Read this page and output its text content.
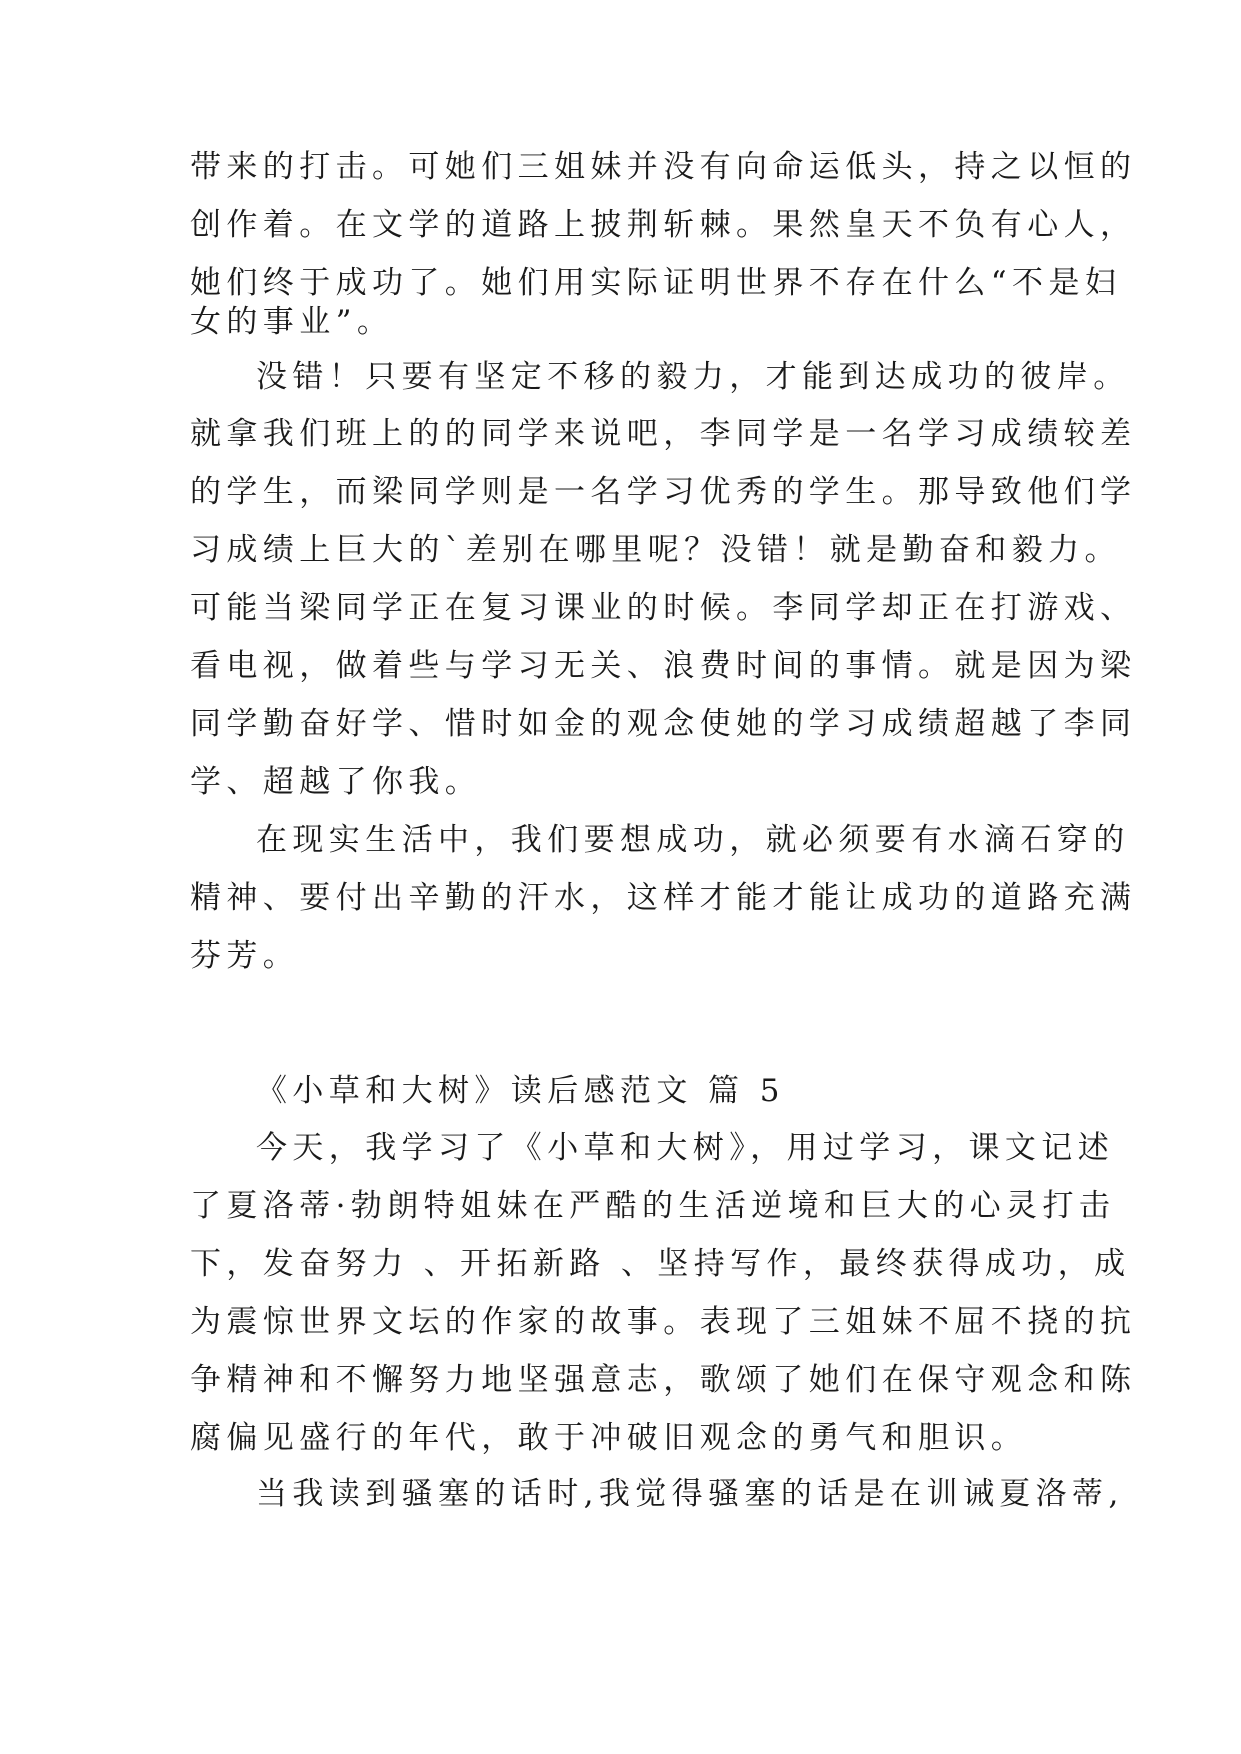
带来的打击。可她们三姐妹并没有向命运低头，持之以恒的
创作着。在文学的道路上披荆斩棘。果然皇天不负有心人，
她们终于成功了。她们用实际证明世界不存在什么“不是妇
女的事业”。
没错！只要有坚定不移的毅力，才能到达成功的彼岸。
就拿我们班上的的同学来说吧，李同学是一名学习成绩较差
的学生，而梁同学则是一名学习优秀的学生。那导致他们学
习成绩上巨大的`差别在哪里呢？没错！就是勤奋和毅力。
可能当梁同学正在复习课业的时候。李同学却正在打游戏、
看电视，做着些与学习无关、浪费时间的事情。就是因为梁
同学勤奋好学、惜时如金的观念使她的学习成绩超越了李同
学、超越了你我。
在现实生活中，我们要想成功，就必须要有水滴石穿的
精神、要付出辛勤的汗水，这样才能才能让成功的道路充满
芬芳。
《小草和大树》读后感范文 篇 5
今天，我学习了《小草和大树》，用过学习，课文记述
了夏洛蒂·勃朗特姐妹在严酷的生活逆境和巨大的心灵打击
下，发奋努力 、开拓新路 、坚持写作，最终获得成功，成
为震惊世界文坛的作家的故事。表现了三姐妹不屈不挠的抗
争精神和不懈努力地坚强意志，歌颂了她们在保守观念和陈
腐偏见盛行的年代，敢于冲破旧观念的勇气和胆识。
当我读到骚塞的话时,我觉得骚塞的话是在训诫夏洛蒂,
